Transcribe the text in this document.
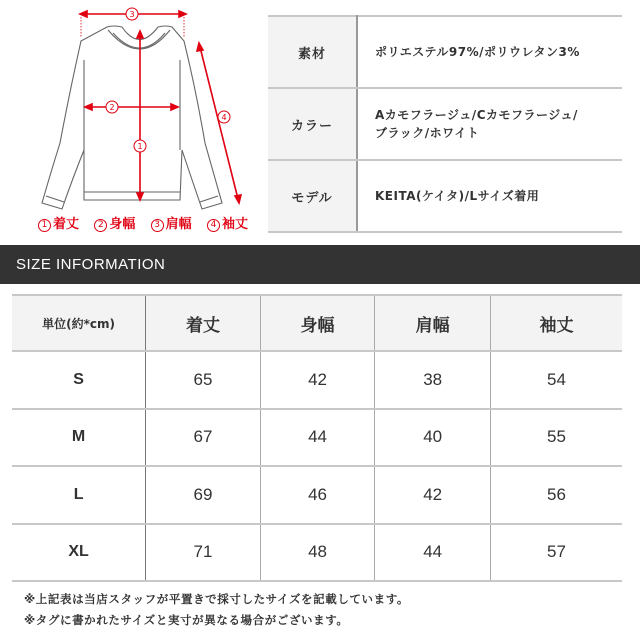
3
2
1
4
1 着丈	2 身幅	3 肩幅	4 袖丈
素材	ポリエステル97%/ポリウレタン3%
カラー	Aカモフラージュ/Cカモフラージュ/
ブラック/ホワイト

モデル	KEITA(ケイタ)/Lサイズ着用
SIZE INFORMATION
単位(約*cm)	着丈	身幅	肩幅	袖丈
S	65	42	38	54
M	67	44	40	55
L	69	46	42	56
XL	71	48	44	57
※上記表は当店スタッフが平置きで採寸したサイズを記載しています。
※タグに書かれたサイズと実寸が異なる場合がございます。
